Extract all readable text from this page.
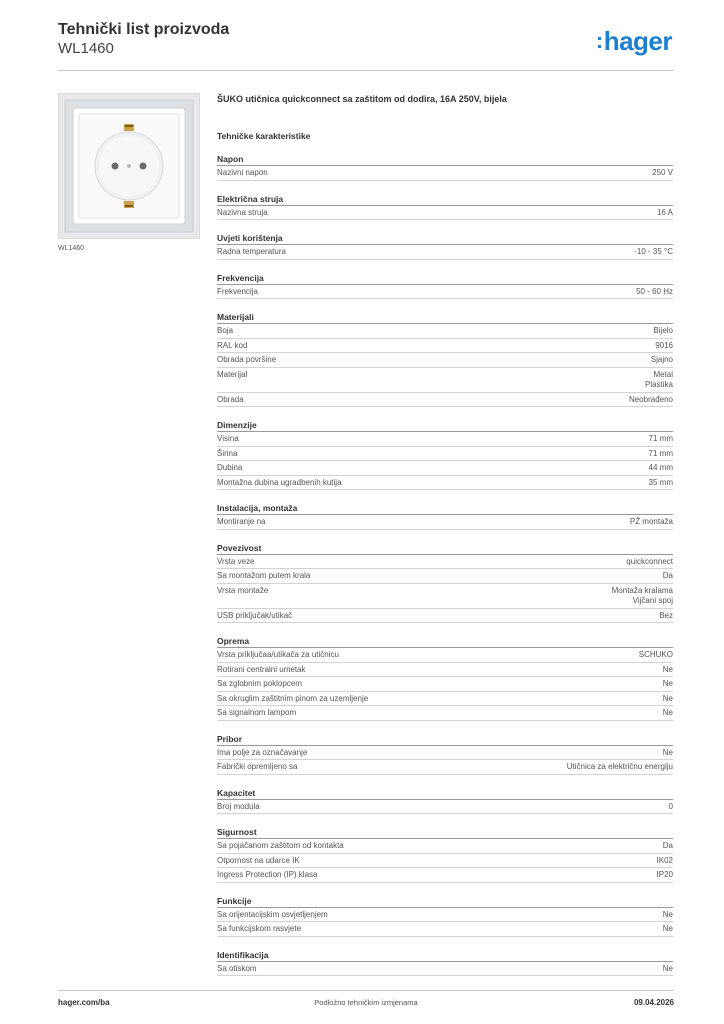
Tehnički list proizvoda
WL1460	:hager
WL1460
ŠUKO utičnica quickconnect sa zaštitom od dodira, 16A 250V, bijela
Tehničke karakteristike
Napon
Nazivni napon	250 V
Električna struja
Nazivna struja	16 A
Uvjeti korištenja
Radna temperatura	-10 - 35 °C
Frekvencija
Frekvencija	50 - 60 Hz
Materijali
Boja	Bijelo
RAL kod	9016
Obrada površine	Sjajno
Materijal	Metal
Plastika
Obrada	Neobrađeno
Dimenzije
Visina	71 mm
Širina	71 mm
Dubina	44 mm
Montažna dubina ugradbenih kutija	35 mm
Instalacija, montaža
Montiranje na	PŽ montaža
Povezivost
Vrsta veze	quickconnect
Sa montažom putem krala	Da
Vrsta montaže	Montaža kralama
Vijčani spoj
USB priključak/utikač	Bez
Oprema
Vrsta priključaa/utikača za utičnicu	SCHUKO
Rotirani centralni umetak	Ne
Sa zglobnim poklopcem	Ne
Sa okruglim zaštitnim pinom za uzemljenje	Ne
Sa signalnom lampom	Ne
Pribor
Ima polje za označavanje	Ne
Fabrički opremljeno sa	Utičnica za električnu energiju
Kapacitet
Broj modula	0
Sigurnost
Sa pojačanom zaštitom od kontakta	Da
Otpornost na udarce IK	IK02
Ingress Protection (IP) klasa	IP20
Funkcije
Sa orijentacijskim osvjetljenjem	Ne
Sa funkcijskom rasvjete	Ne
Identifikacija
Sa otiskom	Ne
hager.com/ba	Podložno tehničkim izmjenama	09.04.2026
